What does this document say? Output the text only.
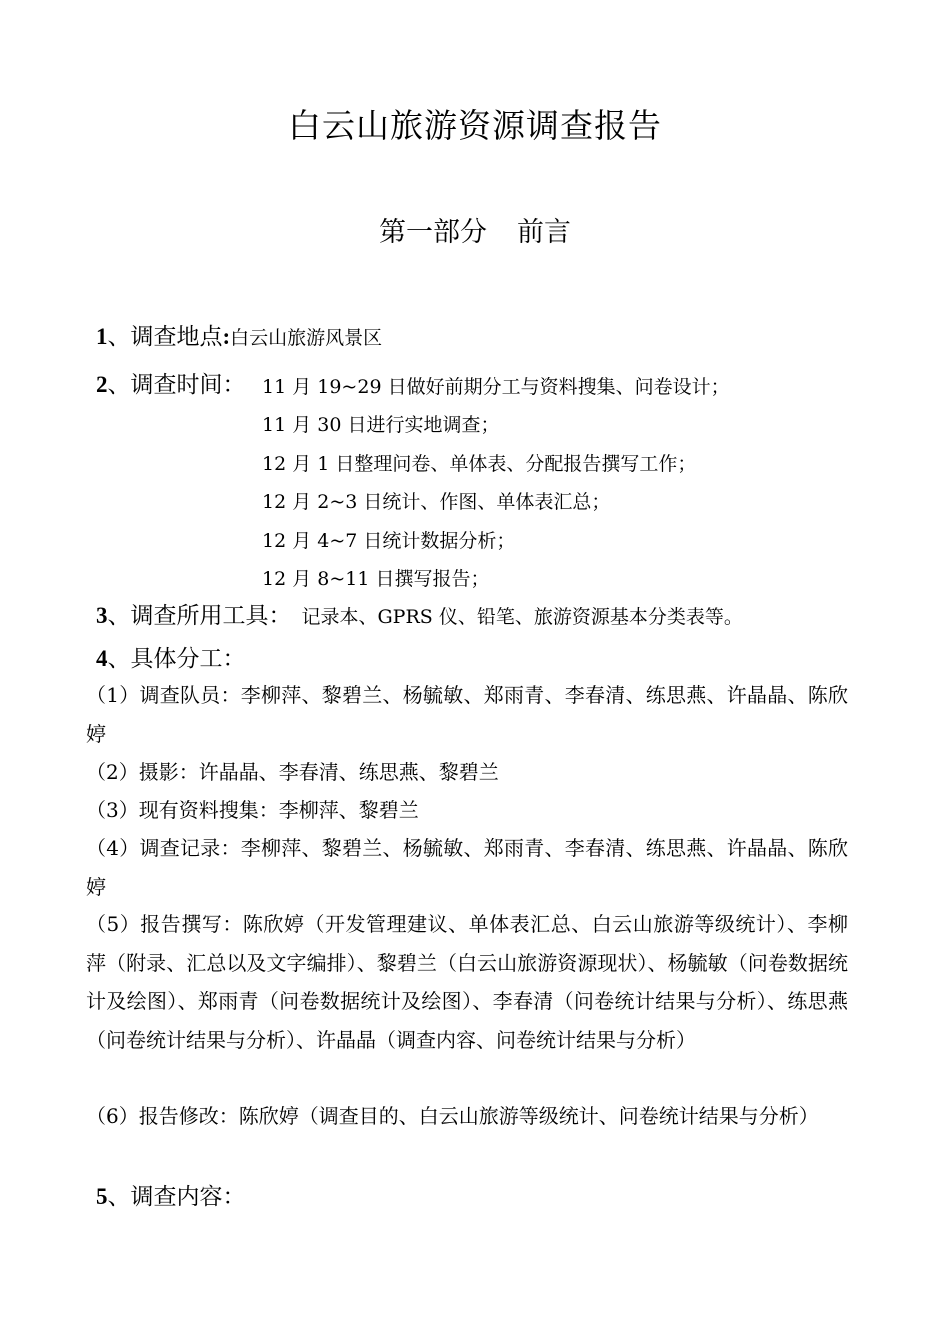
白云山旅游资源调查报告
第一部分 前言
1、调查地点:白云山旅游风景区
2、调查时间： 11 月 19~29 日做好前期分工与资料搜集、问卷设计；
11 月 30 日进行实地调查；
12 月 1 日整理问卷、单体表、分配报告撰写工作；
12 月 2~3 日统计、作图、单体表汇总；
12 月 4~7 日统计数据分析；
12 月 8~11 日撰写报告；
3、调查所用工具： 记录本、GPRS 仪、铅笔、旅游资源基本分类表等。
4、具体分工：
（1）调查队员：李柳萍、黎碧兰、杨毓敏、郑雨青、李春清、练思燕、许晶晶、陈欣婷
（2）摄影：许晶晶、李春清、练思燕、黎碧兰
（3）现有资料搜集：李柳萍、黎碧兰
（4）调查记录：李柳萍、黎碧兰、杨毓敏、郑雨青、李春清、练思燕、许晶晶、陈欣婷
（5）报告撰写：陈欣婷（开发管理建议、单体表汇总、白云山旅游等级统计）、李柳萍（附录、汇总以及文字编排）、黎碧兰（白云山旅游资源现状）、杨毓敏（问卷数据统计及绘图）、郑雨青（问卷数据统计及绘图）、李春清（问卷统计结果与分析）、练思燕（问卷统计结果与分析）、许晶晶（调查内容、问卷统计结果与分析）
（6）报告修改：陈欣婷（调查目的、白云山旅游等级统计、问卷统计结果与分析）
5、调查内容：
